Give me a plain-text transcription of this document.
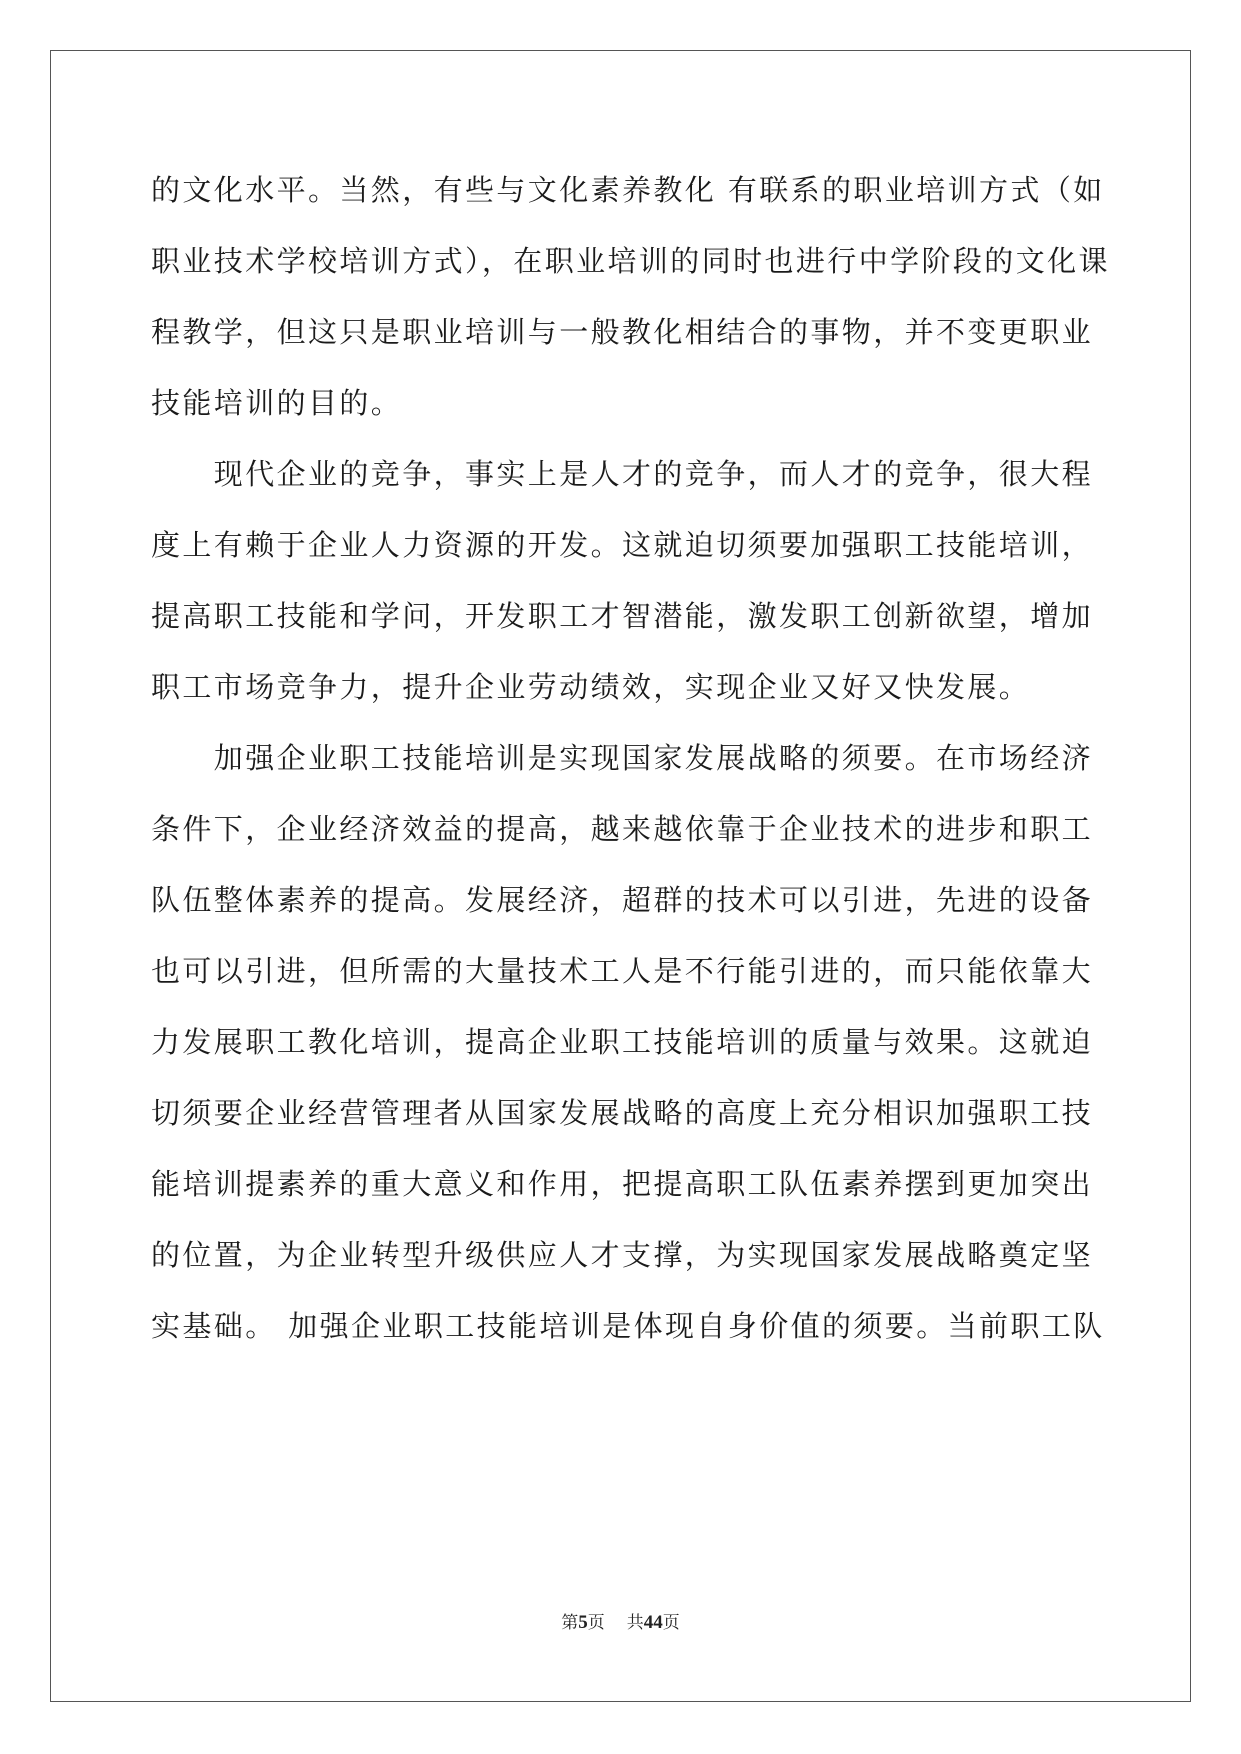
的文化水平。当然，有些与文化素养教化 有联系的职业培训方式（如
职业技术学校培训方式），在职业培训的同时也进行中学阶段的文化课
程教学，但这只是职业培训与一般教化相结合的事物，并不变更职业
技能培训的目的。
　　现代企业的竞争，事实上是人才的竞争，而人才的竞争，很大程
度上有赖于企业人力资源的开发。这就迫切须要加强职工技能培训，
提高职工技能和学问，开发职工才智潜能，激发职工创新欲望，增加
职工市场竞争力，提升企业劳动绩效，实现企业又好又快发展。
　　加强企业职工技能培训是实现国家发展战略的须要。在市场经济
条件下，企业经济效益的提高，越来越依靠于企业技术的进步和职工
队伍整体素养的提高。发展经济，超群的技术可以引进，先进的设备
也可以引进，但所需的大量技术工人是不行能引进的，而只能依靠大
力发展职工教化培训，提高企业职工技能培训的质量与效果。这就迫
切须要企业经营管理者从国家发展战略的高度上充分相识加强职工技
能培训提素养的重大意义和作用，把提高职工队伍素养摆到更加突出
的位置，为企业转型升级供应人才支撑，为实现国家发展战略奠定坚
实基础。 加强企业职工技能培训是体现自身价值的须要。当前职工队
第5页 共44页
